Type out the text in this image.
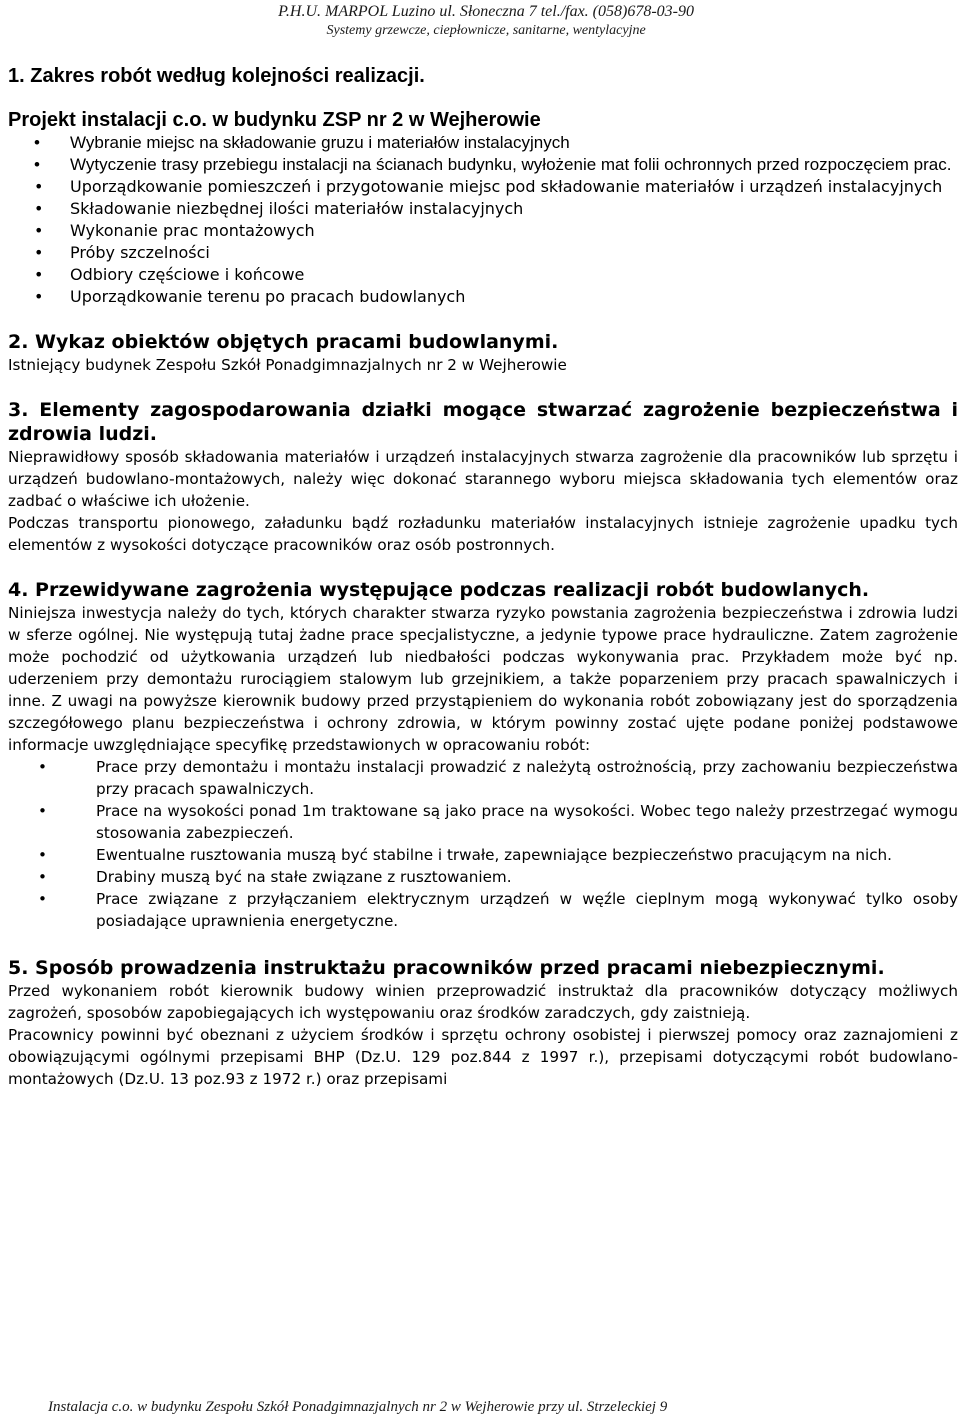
P.H.U. MARPOL Luzino ul. Słoneczna 7 tel./fax. (058)678-03-90
Systemy grzewcze, ciepłownicze, sanitarne, wentylacyjne
1. Zakres robót według kolejności realizacji.
Projekt instalacji c.o. w budynku ZSP nr 2 w Wejherowie
• Wybranie miejsc na składowanie gruzu i materiałów instalacyjnych
• Wytyczenie trasy przebiegu instalacji na ścianach budynku, wyłożenie mat folii ochronnych przed rozpoczęciem prac.
• Uporządkowanie pomieszczeń i przygotowanie miejsc pod składowanie materiałów i urządzeń instalacyjnych
• Składowanie niezbędnej ilości materiałów instalacyjnych
• Wykonanie prac montażowych
• Próby szczelności
• Odbiory częściowe i końcowe
• Uporządkowanie terenu po pracach budowlanych
2. Wykaz obiektów objętych pracami budowlanymi.

Istniejący budynek Zespołu Szkół Ponadgimnazjalnych nr 2 w Wejherowie

3. Elementy zagospodarowania działki mogące stwarzać zagrożenie bezpieczeństwa i zdrowia ludzi.

Nieprawidłowy sposób składowania materiałów i urządzeń instalacyjnych stwarza zagrożenie dla pracowników lub sprzętu i urządzeń budowlano-montażowych, należy więc dokonać starannego wyboru miejsca składowania tych elementów oraz zadbać o właściwe ich ułożenie.

Podczas transportu pionowego, załadunku bądź rozładunku materiałów instalacyjnych istnieje zagrożenie upadku tych elementów z wysokości dotyczące pracowników oraz osób postronnych.

4. Przewidywane zagrożenia występujące podczas realizacji robót budowlanych.

Niniejsza inwestycja należy do tych, których charakter stwarza ryzyko powstania zagrożenia bezpieczeństwa i zdrowia ludzi w sferze ogólnej. Nie występują tutaj żadne prace specjalistyczne, a jedynie typowe prace hydrauliczne. Zatem zagrożenie może pochodzić od użytkowania urządzeń lub niedbałości podczas wykonywania prac. Przykładem może być np. uderzeniem przy demontażu rurociągiem stalowym lub grzejnikiem, a także poparzeniem przy pracach spawalniczych i inne. Z uwagi na powyższe kierownik budowy przed przystąpieniem do wykonania robót zobowiązany jest do sporządzenia szczegółowego planu bezpieczeństwa i ochrony zdrowia, w którym powinny zostać ujęte podane poniżej podstawowe informacje uwzględniające specyfikę przedstawionych w opracowaniu robót:

•	Prace przy demontażu i montażu instalacji prowadzić z należytą ostrożnością, przy zachowaniu bezpieczeństwa przy pracach spawalniczych.
•	Prace na wysokości ponad 1m traktowane są jako prace na wysokości. Wobec tego należy przestrzegać wymogu stosowania zabezpieczeń.
•	Ewentualne rusztowania muszą być stabilne i trwałe, zapewniające bezpieczeństwo pracującym na nich.
•	Drabiny muszą być na stałe związane z rusztowaniem.
•	Prace związane z przyłączaniem elektrycznym urządzeń w węźle cieplnym mogą wykonywać tylko osoby posiadające uprawnienia energetyczne.
5. Sposób prowadzenia instruktażu pracowników przed pracami niebezpiecznymi.

Przed wykonaniem robót kierownik budowy winien przeprowadzić instruktaż dla pracowników dotyczący możliwych zagrożeń, sposobów zapobiegających ich występowaniu oraz środków zaradczych, gdy zaistnieją.

Pracownicy powinni być obeznani z użyciem środków i sprzętu ochrony osobistej i pierwszej pomocy oraz zaznajomieni z obowiązującymi ogólnymi przepisami BHP (Dz.U. 129 poz.844 z 1997 r.), przepisami dotyczącymi robót budowlano-montażowych (Dz.U. 13 poz.93 z 1972 r.) oraz przepisami

Instalacja c.o. w budynku Zespołu Szkół Ponadgimnazjalnych nr 2 w Wejherowie przy ul. Strzeleckiej 9
